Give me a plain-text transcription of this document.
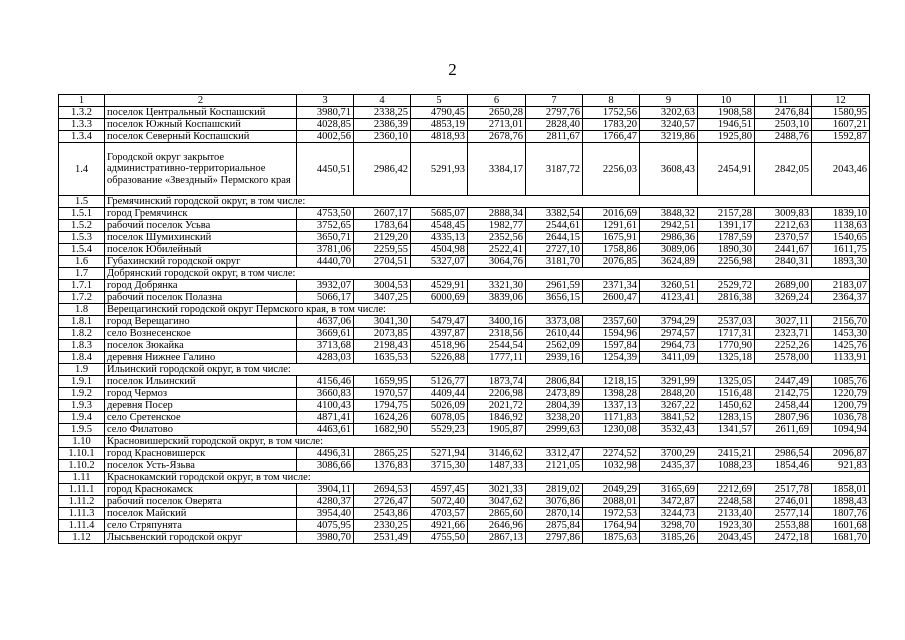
2
1	2	3	4	5	6	7	8	9	10	11	12
1.3.2	поселок Центральный Коспашский	3980,71	2338,25	4790,45	2650,28	2797,76	1752,56	3202,63	1908,58	2476,84	1580,95
1.3.3	поселок Южный Коспашский	4028,85	2386,39	4853,19	2713,01	2828,40	1783,20	3240,57	1946,51	2503,10	1607,21
1.3.4	поселок Северный Коспашский	4002,56	2360,10	4818,93	2678,76	2811,67	1766,47	3219,86	1925,80	2488,76	1592,87
1.4	Городской округ закрытое административно-территориальное образование «Звездный» Пермского края	4450,51	2986,42	5291,93	3384,17	3187,72	2256,03	3608,43	2454,91	2842,05	2043,46
1.5	Гремячинский городской округ, в том числе:										
1.5.1	город Гремячинск	4753,50	2607,17	5685,07	2888,34	3382,54	2016,69	3848,32	2157,28	3009,83	1839,10
1.5.2	рабочий поселок Усьва	3752,65	1783,64	4548,45	1982,77	2544,61	1291,61	2942,51	1391,17	2212,63	1138,63
1.5.3	поселок Шумихинский	3650,71	2129,20	4335,13	2352,56	2644,15	1675,91	2986,36	1787,59	2370,57	1540,65
1.5.4	поселок Юбилейный	3781,06	2259,55	4504,98	2522,41	2727,10	1758,86	3089,06	1890,30	2441,67	1611,75
1.6	Губахинский городской округ	4440,70	2704,51	5327,07	3064,76	3181,70	2076,85	3624,89	2256,98	2840,31	1893,30
1.7	Добрянский городской округ, в том числе:										
1.7.1	город Добрянка	3932,07	3004,53	4529,91	3321,30	2961,59	2371,34	3260,51	2529,72	2689,00	2183,07
1.7.2	рабочий поселок Полазна	5066,17	3407,25	6000,69	3839,06	3656,15	2600,47	4123,41	2816,38	3269,24	2364,37
1.8	Верещагинский городской округ Пермского края, в том числе:										
1.8.1	город Верещагино	4637,06	3041,30	5479,47	3400,16	3373,08	2357,60	3794,29	2537,03	3027,11	2156,70
1.8.2	село Вознесенское	3669,61	2073,85	4397,87	2318,56	2610,44	1594,96	2974,57	1717,31	2323,71	1453,30
1.8.3	поселок Зюкайка	3713,68	2198,43	4518,96	2544,54	2562,09	1597,84	2964,73	1770,90	2252,26	1425,76
1.8.4	деревня Нижнее Галино	4283,03	1635,53	5226,88	1777,11	2939,16	1254,39	3411,09	1325,18	2578,00	1133,91
1.9	Ильинский городской округ, в том числе:										
1.9.1	поселок Ильинский	4156,46	1659,95	5126,77	1873,74	2806,84	1218,15	3291,99	1325,05	2447,49	1085,76
1.9.2	город Чермоз	3660,83	1970,57	4409,44	2206,98	2473,89	1398,28	2848,20	1516,48	2142,75	1220,79
1.9.3	деревня Посер	4100,43	1794,75	5026,09	2021,72	2804,39	1337,13	3267,22	1450,62	2458,44	1200,79
1.9.4	село Сретенское	4871,41	1624,26	6078,05	1846,92	3238,20	1171,83	3841,52	1283,15	2807,96	1036,78
1.9.5	село Филатово	4463,61	1682,90	5529,23	1905,87	2999,63	1230,08	3532,43	1341,57	2611,69	1094,94
1.10	Красновишерский городской округ, в том числе:										
1.10.1	город Красновишерск	4496,31	2865,25	5271,94	3146,62	3312,47	2274,52	3700,29	2415,21	2986,54	2096,87
1.10.2	поселок Усть-Язьва	3086,66	1376,83	3715,30	1487,33	2121,05	1032,98	2435,37	1088,23	1854,46	921,83
1.11	Краснокамский городской округ, в том числе:										
1.11.1	город Краснокамск	3904,11	2694,53	4597,45	3021,33	2819,02	2049,29	3165,69	2212,69	2517,78	1858,01
1.11.2	рабочий поселок Оверята	4280,37	2726,47	5072,40	3047,62	3076,86	2088,01	3472,87	2248,58	2746,01	1898,43
1.11.3	поселок Майский	3954,40	2543,86	4703,57	2865,60	2870,14	1972,53	3244,73	2133,40	2577,14	1807,76
1.11.4	село Стряпунята	4075,95	2330,25	4921,66	2646,96	2875,84	1764,94	3298,70	1923,30	2553,88	1601,68
1.12	Лысьвенский городской округ	3980,70	2531,49	4755,50	2867,13	2797,86	1875,63	3185,26	2043,45	2472,18	1681,70
